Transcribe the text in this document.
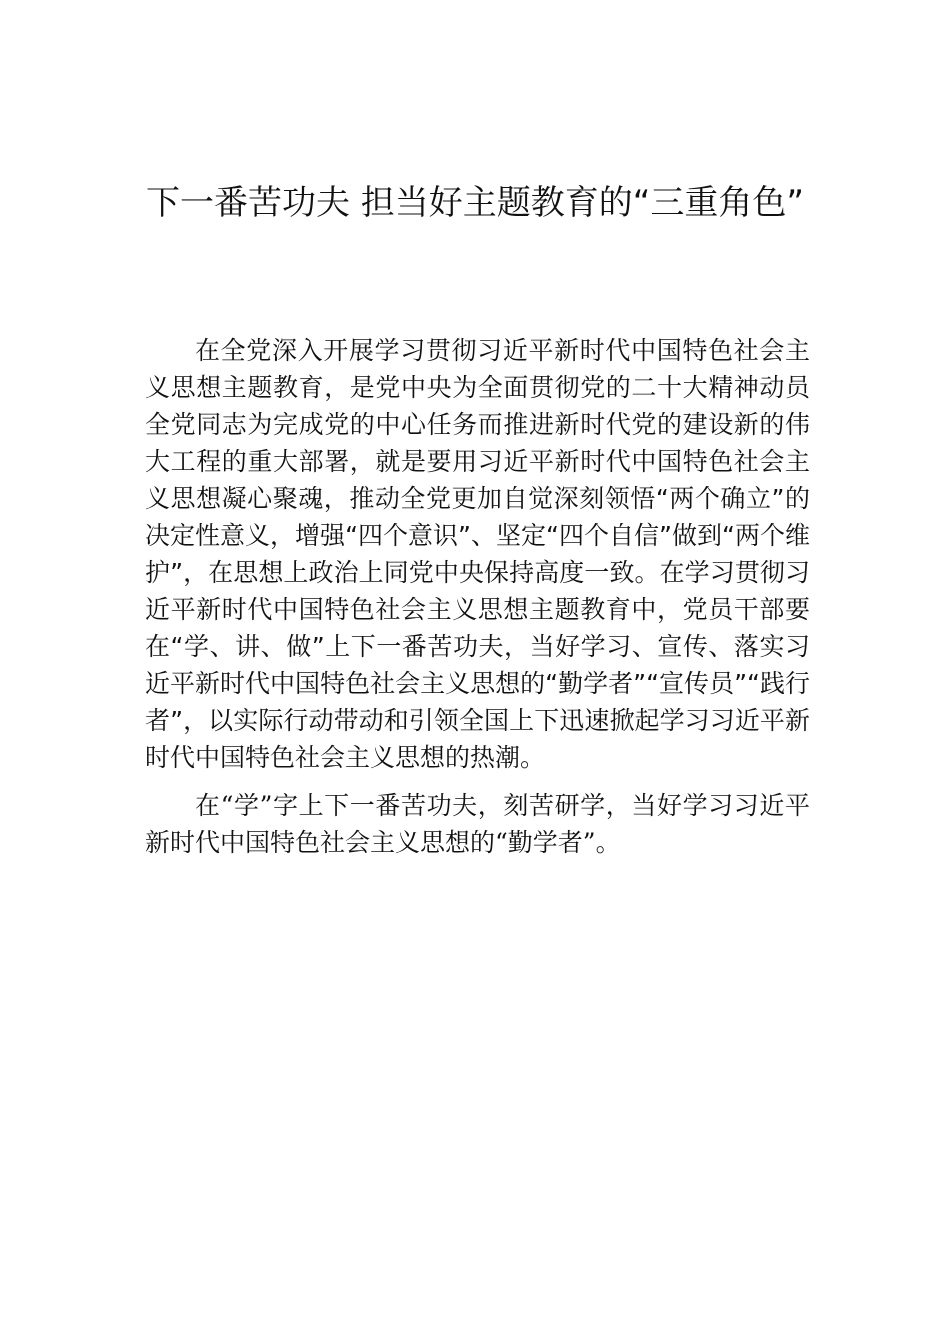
下一番苦功夫 担当好主题教育的“三重角色”

在全党深入开展学习贯彻习近平新时代中国特色社会主义思想主题教育，是党中央为全面贯彻党的二十大精神动员全党同志为完成党的中心任务而推进新时代党的建设新的伟大工程的重大部署，就是要用习近平新时代中国特色社会主义思想凝心聚魂，推动全党更加自觉深刻领悟“两个确立”的决定性意义，增强“四个意识”、坚定“四个自信”做到“两个维护”，在思想上政治上同党中央保持高度一致。在学习贯彻习近平新时代中国特色社会主义思想主题教育中，党员干部要在“学、讲、做”上下一番苦功夫，当好学习、宣传、落实习近平新时代中国特色社会主义思想的“勤学者”“宣传员”“践行者”，以实际行动带动和引领全国上下迅速掀起学习习近平新时代中国特色社会主义思想的热潮。

在“学”字上下一番苦功夫，刻苦研学，当好学习习近平新时代中国特色社会主义思想的“勤学者”。
